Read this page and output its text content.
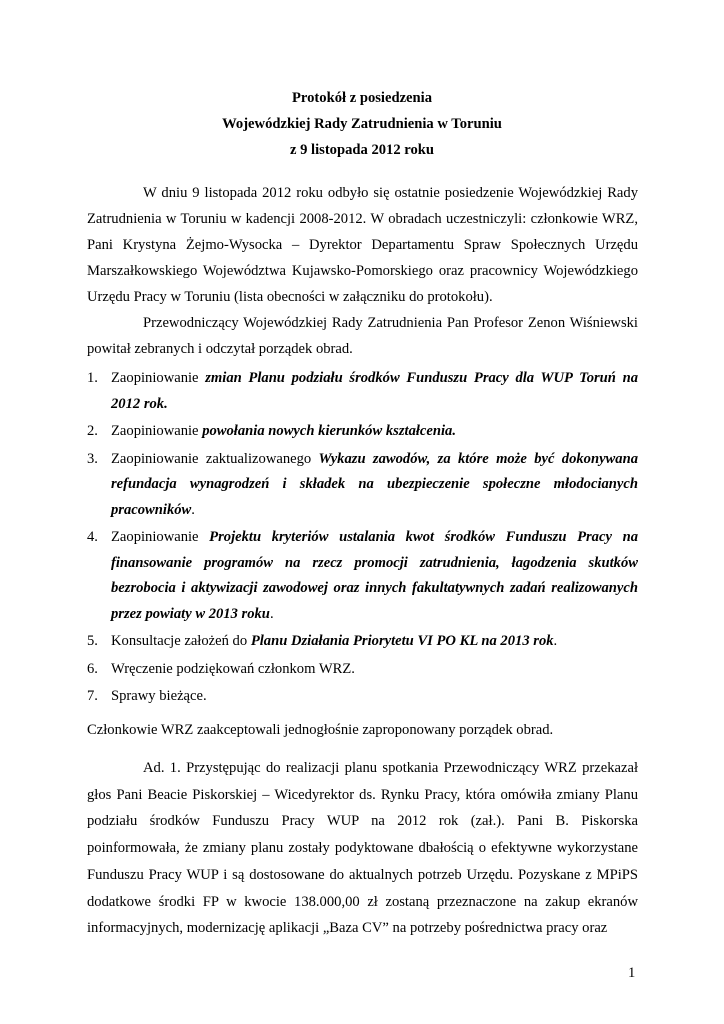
Protokół z posiedzenia
Wojewódzkiej Rady Zatrudnienia w Toruniu
z 9 listopada 2012 roku

W dniu 9 listopada 2012 roku odbyło się ostatnie posiedzenie Wojewódzkiej Rady Zatrudnienia w Toruniu w kadencji 2008-2012. W obradach uczestniczyli: członkowie WRZ, Pani Krystyna Żejmo-Wysocka – Dyrektor Departamentu Spraw Społecznych Urzędu Marszałkowskiego Województwa Kujawsko-Pomorskiego oraz pracownicy Wojewódzkiego Urzędu Pracy w Toruniu (lista obecności w załączniku do protokołu).

Przewodniczący Wojewódzkiej Rady Zatrudnienia Pan Profesor Zenon Wiśniewski powitał zebranych i odczytał porządek obrad.

1. Zaopiniowanie zmian Planu podziału środków Funduszu Pracy dla WUP Toruń na 2012 rok.
2. Zaopiniowanie powołania nowych kierunków kształcenia.
3. Zaopiniowanie zaktualizowanego Wykazu zawodów, za które może być dokonywana refundacja wynagrodzeń i składek na ubezpieczenie społeczne młodocianych pracowników.
4. Zaopiniowanie Projektu kryteriów ustalania kwot środków Funduszu Pracy na finansowanie programów na rzecz promocji zatrudnienia, łagodzenia skutków bezrobocia i aktywizacji zawodowej oraz innych fakultatywnych zadań realizowanych przez powiaty w 2013 roku.
5. Konsultacje założeń do Planu Działania Priorytetu VI PO KL na 2013 rok.
6. Wręczenie podziękowań członkom WRZ.
7. Sprawy bieżące.

Członkowie WRZ zaakceptowali jednogłośnie zaproponowany porządek obrad.

Ad. 1. Przystępując do realizacji planu spotkania Przewodniczący WRZ przekazał głos Pani Beacie Piskorskiej – Wicedyrektor ds. Rynku Pracy, która omówiła zmiany Planu podziału środków Funduszu Pracy WUP na 2012 rok (zał.). Pani B. Piskorska poinformowała, że zmiany planu zostały podyktowane dbałością o efektywne wykorzystane Funduszu Pracy WUP i są dostosowane do aktualnych potrzeb Urzędu. Pozyskane z MPiPS dodatkowe środki FP w kwocie 138.000,00 zł zostaną przeznaczone na zakup ekranów informacyjnych, modernizację aplikacji „Baza CV” na potrzeby pośrednictwa pracy oraz

1
